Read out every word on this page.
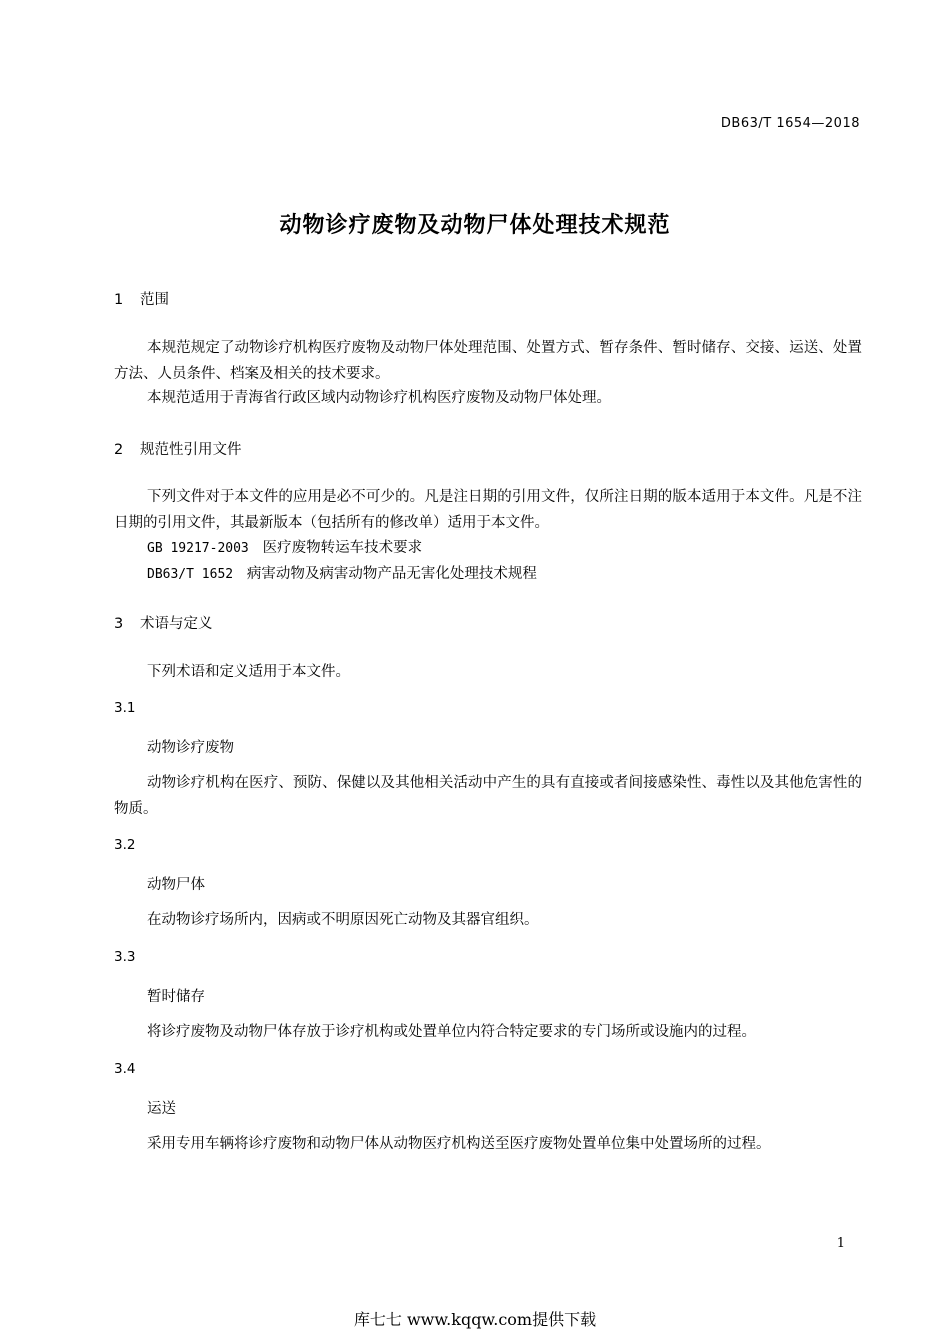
DB63/T 1654—2018
动物诊疗废物及动物尸体处理技术规范
1 范围
本规范规定了动物诊疗机构医疗废物及动物尸体处理范围、处置方式、暂存条件、暂时储存、交接、运送、处置方法、人员条件、档案及相关的技术要求。
本规范适用于青海省行政区域内动物诊疗机构医疗废物及动物尸体处理。
2 规范性引用文件
下列文件对于本文件的应用是必不可少的。凡是注日期的引用文件，仅所注日期的版本适用于本文件。凡是不注日期的引用文件，其最新版本（包括所有的修改单）适用于本文件。
GB 19217-2003 医疗废物转运车技术要求
DB63/T 1652 病害动物及病害动物产品无害化处理技术规程
3 术语与定义
下列术语和定义适用于本文件。
3.1
动物诊疗废物
动物诊疗机构在医疗、预防、保健以及其他相关活动中产生的具有直接或者间接感染性、毒性以及其他危害性的物质。
3.2
动物尸体
在动物诊疗场所内，因病或不明原因死亡动物及其器官组织。
3.3
暂时储存
将诊疗废物及动物尸体存放于诊疗机构或处置单位内符合特定要求的专门场所或设施内的过程。
3.4
运送
采用专用车辆将诊疗废物和动物尸体从动物医疗机构送至医疗废物处置单位集中处置场所的过程。
1
库七七 www.kqqw.com提供下载
